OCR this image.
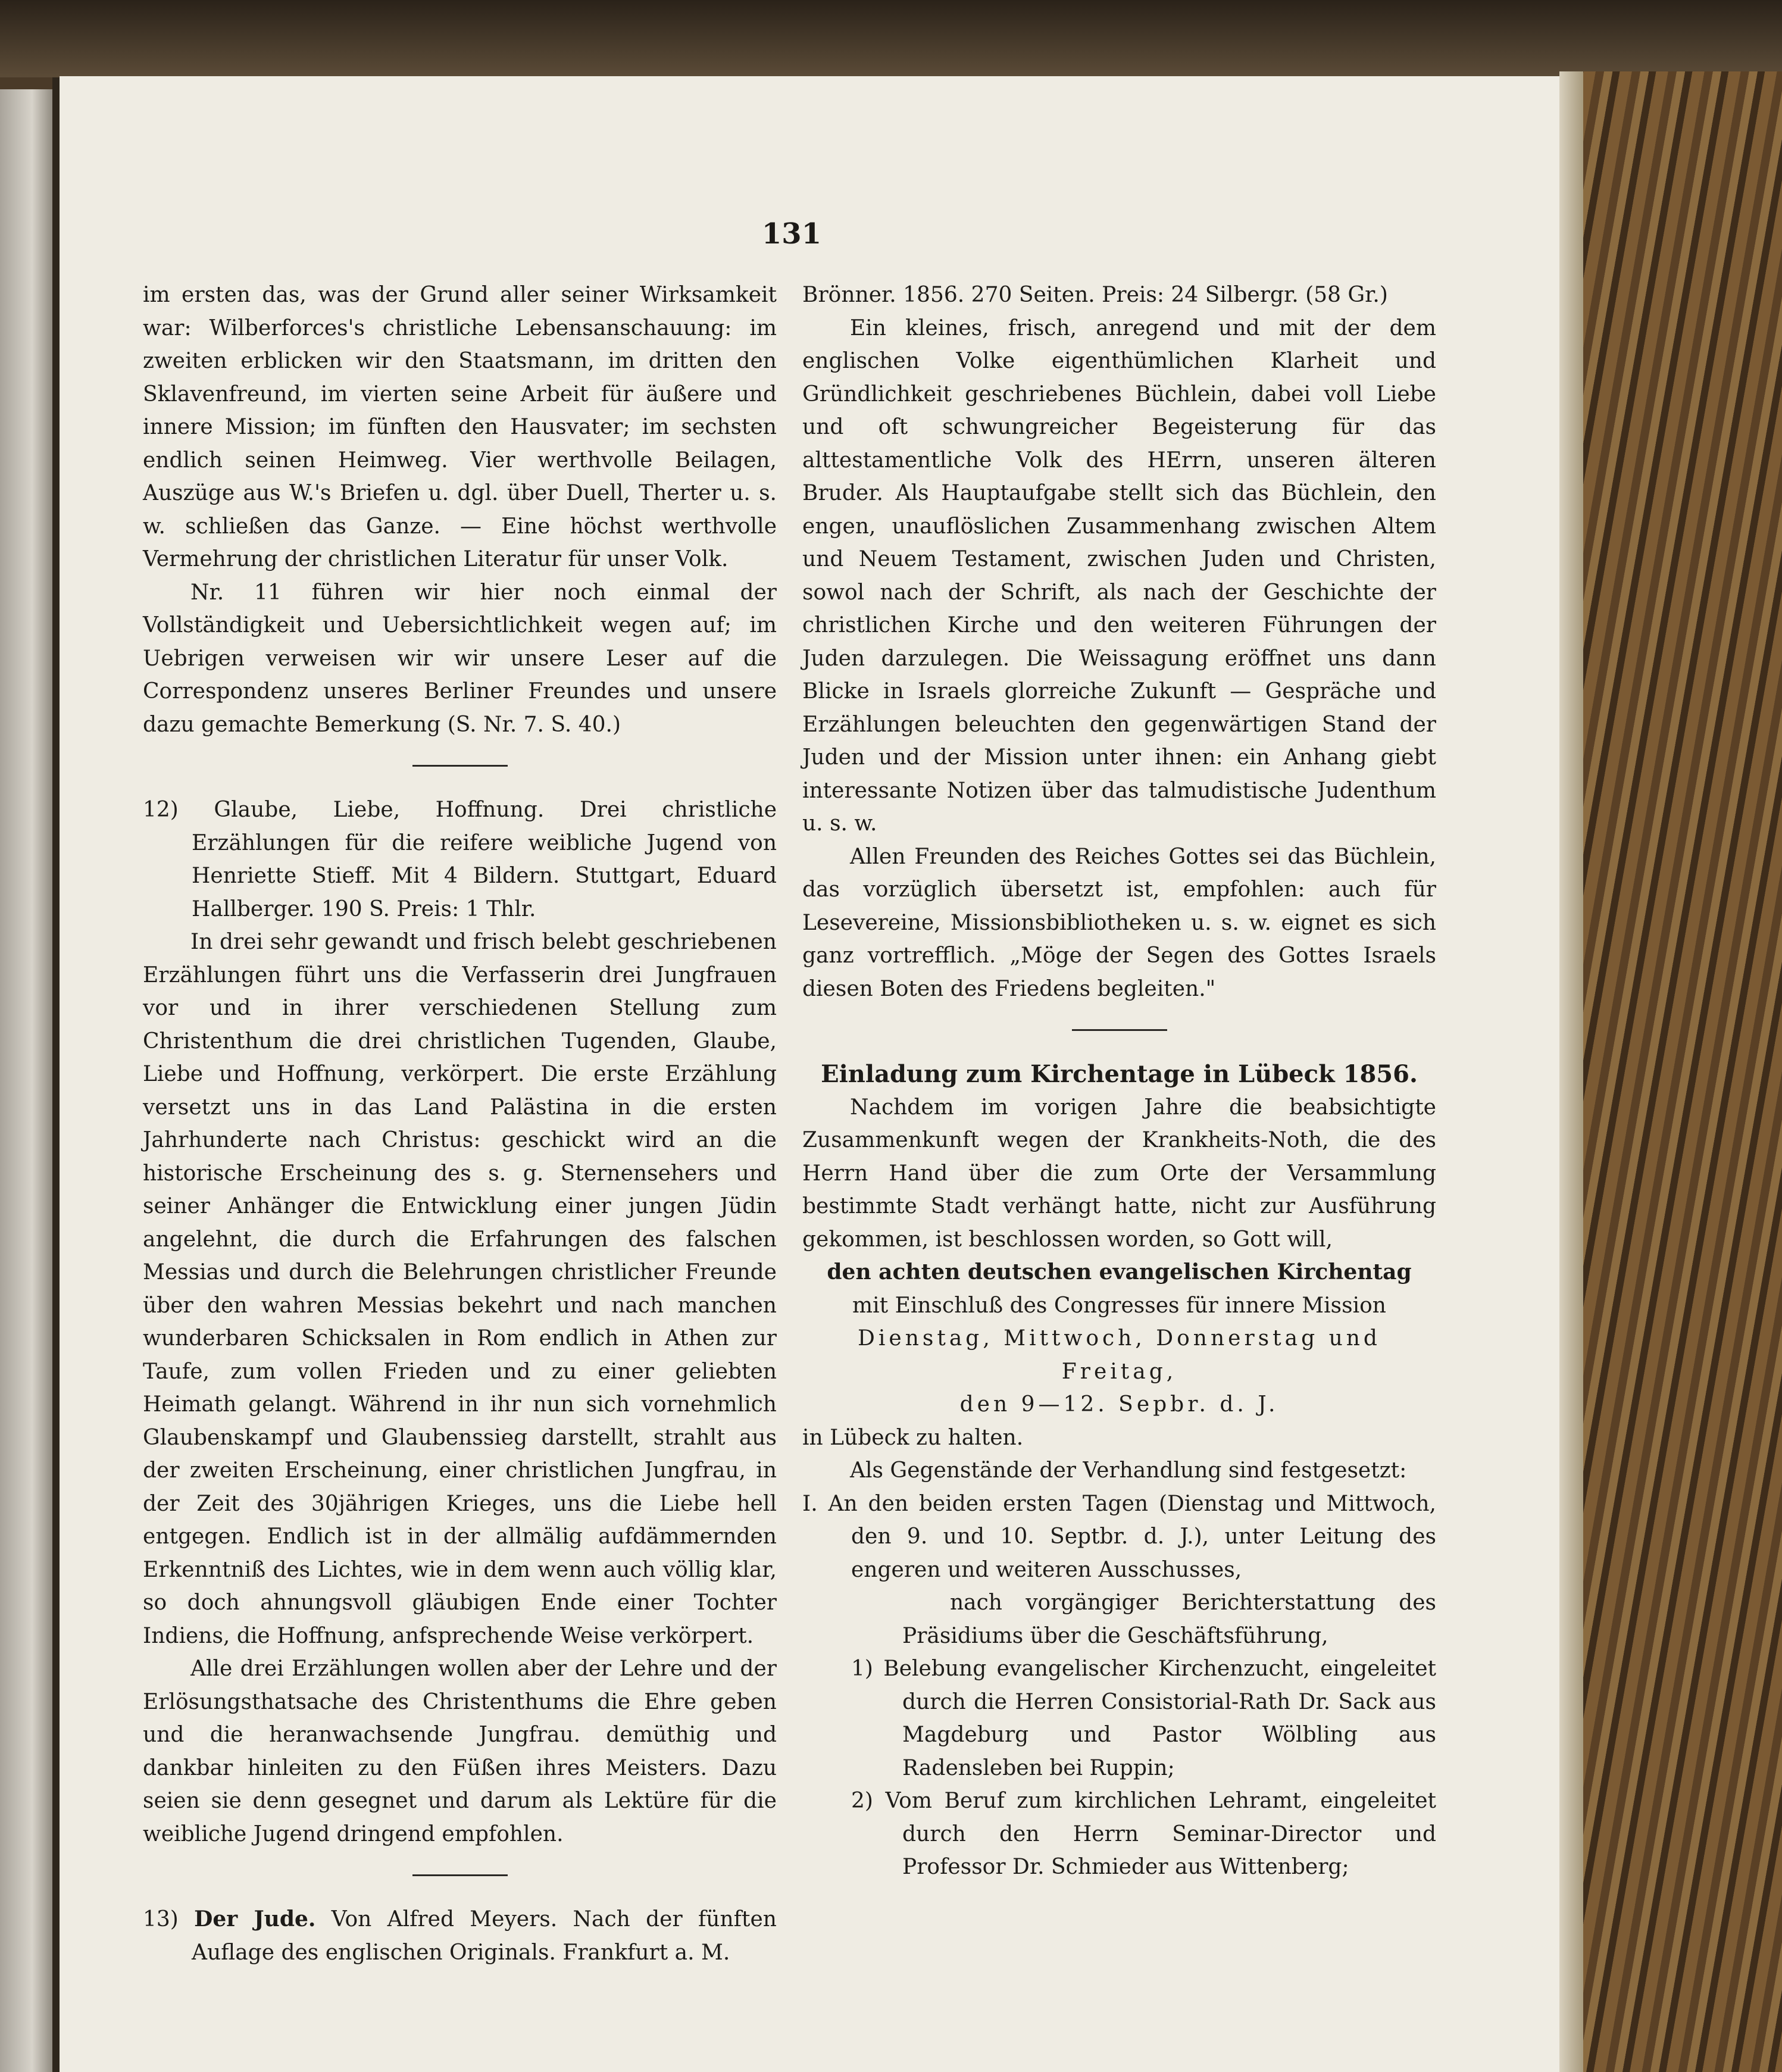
131

im ersten das, was der Grund aller seiner Wirksamkeit war: Wilberforces's christliche Lebensanschauung: im zweiten erblicken wir den Staatsmann, im dritten den Sklavenfreund, im vierten seine Arbeit für äußere und innere Mission; im fünften den Hausvater; im sechsten endlich seinen Heimweg. Vier werthvolle Beilagen, Auszüge aus W.'s Briefen u. dgl. über Duell, Therter u. s. w. schließen das Ganze. — Eine höchst werthvolle Vermehrung der christlichen Literatur für unser Volk.

Nr. 11 führen wir hier noch einmal der Vollständigkeit und Uebersichtlichkeit wegen auf; im Uebrigen verweisen wir wir unsere Leser auf die Correspondenz unseres Berliner Freundes und unsere dazu gemachte Bemerkung (S. Nr. 7. S. 40.)

12) Glaube, Liebe, Hoffnung. Drei christliche Erzählungen für die reifere weibliche Jugend von Henriette Stieff. Mit 4 Bildern. Stuttgart, Eduard Hallberger. 190 S. Preis: 1 Thlr.

In drei sehr gewandt und frisch belebt geschriebenen Erzählungen führt uns die Verfasserin drei Jungfrauen vor und in ihrer verschiedenen Stellung zum Christenthum die drei christlichen Tugenden, Glaube, Liebe und Hoffnung, verkörpert. Die erste Erzählung versetzt uns in das Land Palästina in die ersten Jahrhunderte nach Christus: geschickt wird an die historische Erscheinung des s. g. Sternensehers und seiner Anhänger die Entwicklung einer jungen Jüdin angelehnt, die durch die Erfahrungen des falschen Messias und durch die Belehrungen christlicher Freunde über den wahren Messias bekehrt und nach manchen wunderbaren Schicksalen in Rom endlich in Athen zur Taufe, zum vollen Frieden und zu einer geliebten Heimath gelangt. Während in ihr nun sich vornehmlich Glaubenskampf und Glaubenssieg darstellt, strahlt aus der zweiten Erscheinung, einer christlichen Jungfrau, in der Zeit des 30jährigen Krieges, uns die Liebe hell entgegen. Endlich ist in der allmälig aufdämmernden Erkenntniß des Lichtes, wie in dem wenn auch völlig klar, so doch ahnungsvoll gläubigen Ende einer Tochter Indiens, die Hoffnung, anfsprechende Weise verkörpert.

Alle drei Erzählungen wollen aber der Lehre und der Erlösungsthatsache des Christenthums die Ehre geben und die heranwachsende Jungfrau. demüthig und dankbar hinleiten zu den Füßen ihres Meisters. Dazu seien sie denn gesegnet und darum als Lektüre für die weibliche Jugend dringend empfohlen.

13) Der Jude. Von Alfred Meyers. Nach der fünften Auflage des englischen Originals. Frankfurt a. M.

Brönner. 1856. 270 Seiten. Preis: 24 Silbergr. (58 Gr.)

Ein kleines, frisch, anregend und mit der dem englischen Volke eigenthümlichen Klarheit und Gründlichkeit geschriebenes Büchlein, dabei voll Liebe und oft schwungreicher Begeisterung für das alttestamentliche Volk des HErrn, unseren älteren Bruder. Als Hauptaufgabe stellt sich das Büchlein, den engen, unauflöslichen Zusammenhang zwischen Altem und Neuem Testament, zwischen Juden und Christen, sowol nach der Schrift, als nach der Geschichte der christlichen Kirche und den weiteren Führungen der Juden darzulegen. Die Weissagung eröffnet uns dann Blicke in Israels glorreiche Zukunft — Gespräche und Erzählungen beleuchten den gegenwärtigen Stand der Juden und der Mission unter ihnen: ein Anhang giebt interessante Notizen über das talmudistische Judenthum u. s. w.

Allen Freunden des Reiches Gottes sei das Büchlein, das vorzüglich übersetzt ist, empfohlen: auch für Lesevereine, Missionsbibliotheken u. s. w. eignet es sich ganz vortrefflich. „Möge der Segen des Gottes Israels diesen Boten des Friedens begleiten."

Einladung zum Kirchentage in Lübeck 1856.

Nachdem im vorigen Jahre die beabsichtigte Zusammenkunft wegen der Krankheits-Noth, die des Herrn Hand über die zum Orte der Versammlung bestimmte Stadt verhängt hatte, nicht zur Ausführung gekommen, ist beschlossen worden, so Gott will,

den achten deutschen evangelischen Kirchentag

mit Einschluß des Congresses für innere Mission

Dienstag, Mittwoch, Donnerstag und Freitag,

den 9—12. Sepbr. d. J.

in Lübeck zu halten.

Als Gegenstände der Verhandlung sind festgesetzt:

I. An den beiden ersten Tagen (Dienstag und Mittwoch, den 9. und 10. Septbr. d. J.), unter Leitung des engeren und weiteren Ausschusses,

nach vorgängiger Berichterstattung des Präsidiums über die Geschäftsführung,

1) Belebung evangelischer Kirchenzucht, eingeleitet durch die Herren Consistorial-Rath Dr. Sack aus Magdeburg und Pastor Wölbling aus Radensleben bei Ruppin;

2) Vom Beruf zum kirchlichen Lehramt, eingeleitet durch den Herrn Seminar-Director und Professor Dr. Schmieder aus Wittenberg;
